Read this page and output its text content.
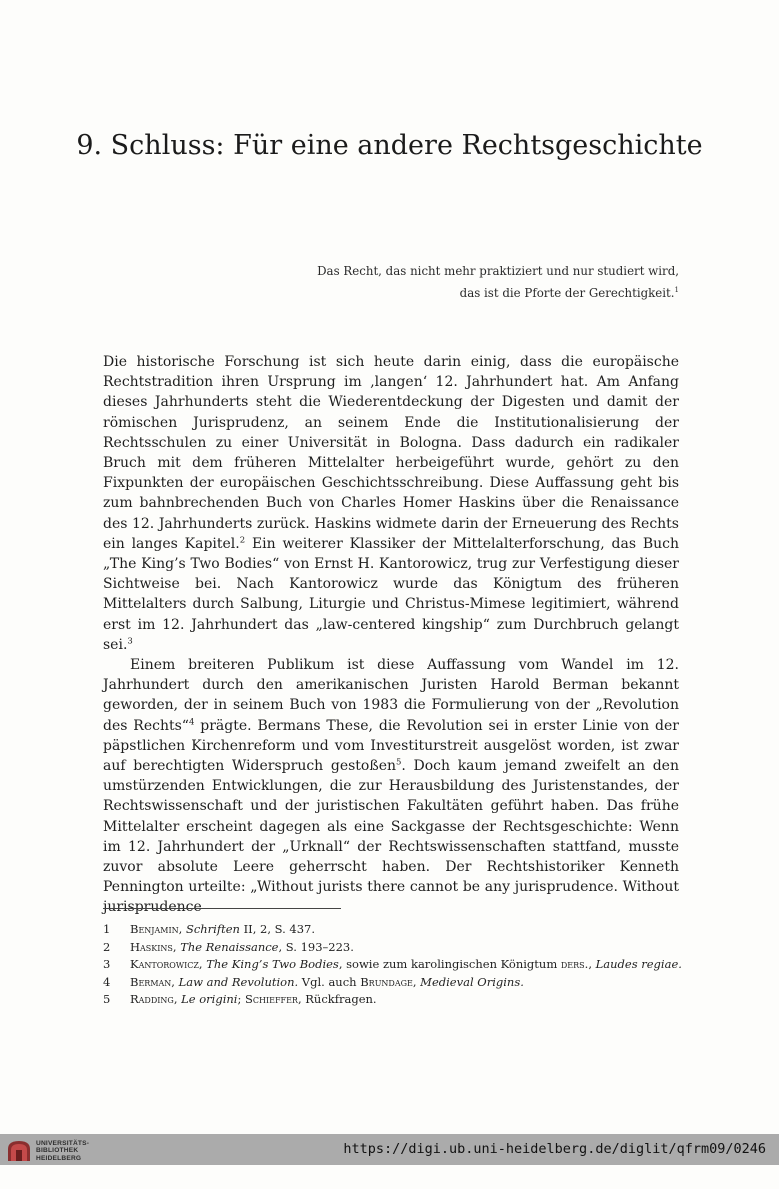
9. Schluss: Für eine andere Rechtsgeschichte
Das Recht, das nicht mehr praktiziert und nur studiert wird,
das ist die Pforte der Gerechtigkeit.$^1$

Die historische Forschung ist sich heute darin einig, dass die europäische Rechtstradition ihren Ursprung im ‚langen‘ 12. Jahrhundert hat. Am Anfang dieses Jahrhunderts steht die Wiederentdeckung der Digesten und damit der römischen Jurisprudenz, an seinem Ende die Institutionalisierung der Rechtsschulen zu einer Universität in Bologna. Dass dadurch ein radikaler Bruch mit dem früheren Mittelalter herbeigeführt wurde, gehört zu den Fixpunkten der europäischen Geschichtsschreibung. Diese Auffassung geht bis zum bahnbrechenden Buch von Charles Homer Haskins über die Renaissance des 12. Jahrhunderts zurück. Haskins widmete darin der Erneuerung des Rechts ein langes Kapitel.$^2$ Ein weiterer Klassiker der Mittelalterforschung, das Buch „The King’s Two Bodies“ von Ernst H. Kantorowicz, trug zur Verfestigung dieser Sichtweise bei. Nach Kantorowicz wurde das Königtum des früheren Mittelalters durch Salbung, Liturgie und Christus-Mimese legitimiert, während erst im 12. Jahrhundert das „law-centered kingship“ zum Durchbruch gelangt sei.$^3$

Einem breiteren Publikum ist diese Auffassung vom Wandel im 12. Jahrhundert durch den amerikanischen Juristen Harold Berman bekannt geworden, der in seinem Buch von 1983 die Formulierung von der „Revolution des Rechts“$^4$ prägte. Bermans These, die Revolution sei in erster Linie von der päpstlichen Kirchenreform und vom Investiturstreit ausgelöst worden, ist zwar auf berechtigten Widerspruch gestoßen$^5$. Doch kaum jemand zweifelt an den umstürzenden Entwicklungen, die zur Herausbildung des Juristenstandes, der Rechtswissenschaft und der juristischen Fakultäten geführt haben. Das frühe Mittelalter erscheint dagegen als eine Sackgasse der Rechtsgeschichte: Wenn im 12. Jahrhundert der „Urknall“ der Rechtswissenschaften stattfand, musste zuvor absolute Leere geherrscht haben. Der Rechtshistoriker Kenneth Pennington urteilte: „Without jurists there cannot be any jurisprudence. Without jurisprudence

1	Benjamin, Schriften II, 2, S. 437.
2	Haskins, The Renaissance, S. 193–223.
3	Kantorowicz, The King’s Two Bodies, sowie zum karolingischen Königtum ders., Laudes regiae.
4	Berman, Law and Revolution. Vgl. auch Brundage, Medieval Origins.
5	Radding, Le origini; Schieffer, Rückfragen.
UNIVERSITÄTS-
BIBLIOTHEK
HEIDELBERG
https://digi.ub.uni-heidelberg.de/diglit/qfrm09/0246
